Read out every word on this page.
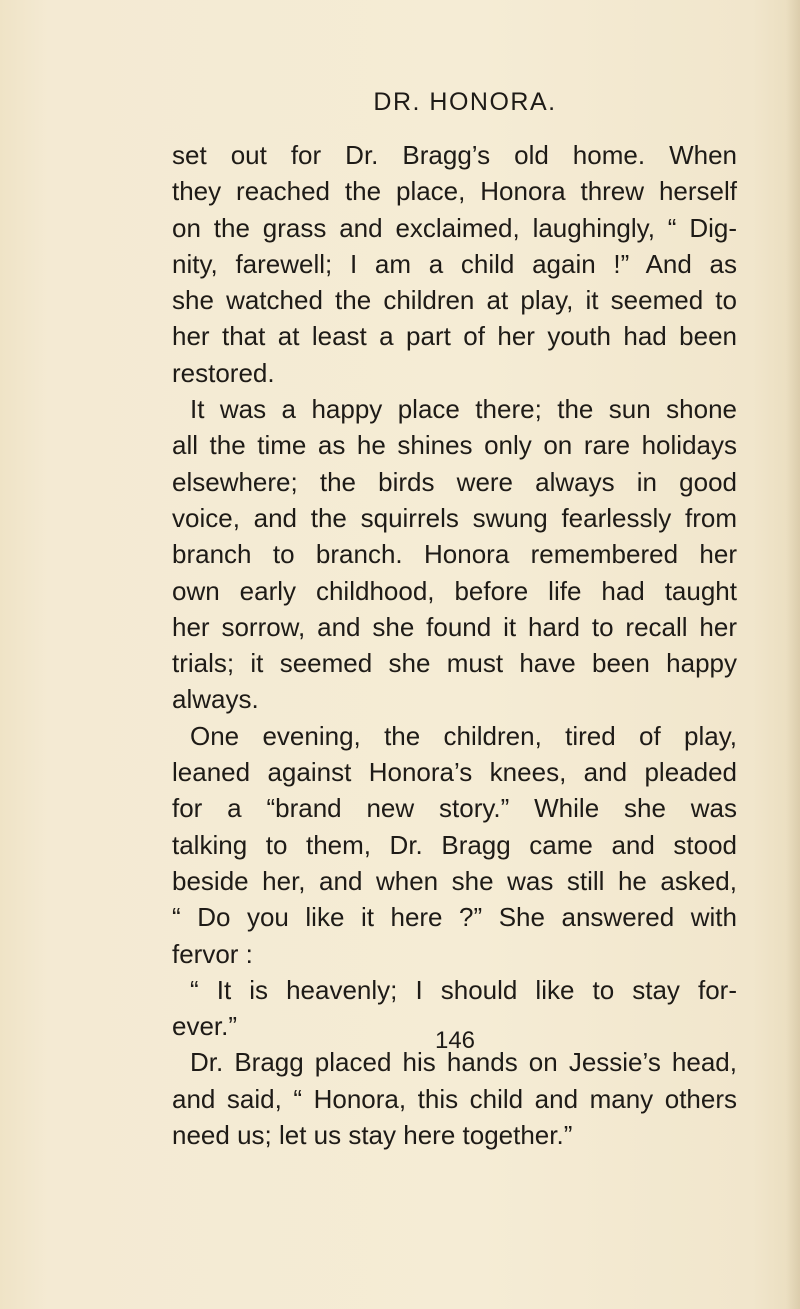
DR. HONORA.
set out for Dr. Bragg’s old home. When
they reached the place, Honora threw herself
on the grass and exclaimed, laughingly, “ Dig-
nity, farewell; I am a child again !” And as
she watched the children at play, it seemed to
her that at least a part of her youth had been
restored.
It was a happy place there; the sun shone
all the time as he shines only on rare holidays
elsewhere; the birds were always in good
voice, and the squirrels swung fearlessly from
branch to branch. Honora remembered her
own early childhood, before life had taught
her sorrow, and she found it hard to recall her
trials; it seemed she must have been happy
always.
One evening, the children, tired of play,
leaned against Honora’s knees, and pleaded
for a “brand new story.” While she was
talking to them, Dr. Bragg came and stood
beside her, and when she was still he asked,
“ Do you like it here ?” She answered with
fervor :
“ It is heavenly; I should like to stay for-
ever.”
Dr. Bragg placed his hands on Jessie’s head,
and said, “ Honora, this child and many others
need us; let us stay here together.”

146
